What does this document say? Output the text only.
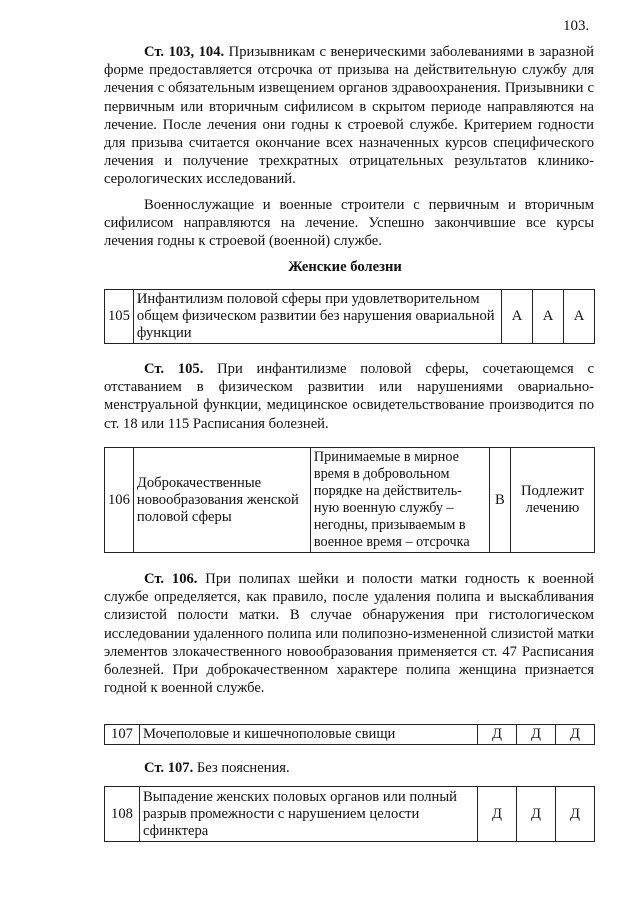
103.

Ст. 103, 104. Призывникам с венерическими заболеваниями в заразной форме предоставляется отсрочка от призыва на действительную службу для лечения с обязательным извещением органов здравоохранения. Призывники с первичным или вторичным сифилисом в скрытом периоде направляются на лечение. После лечения они годны к строевой службе. Критерием годности для призыва считается окончание всех назначенных курсов специфического лечения и получение трехкратных отрицательных результатов клинико- серологических исследований.

Военнослужащие и военные строители с первичным и вторичным сифилисом направляются на лечение. Успешно закончившие все курсы лечения годны к строевой (военной) службе.

Женские болезни
105	Инфантилизм половой сферы при удовлетворительном общем физическом развитии без нарушения овариальной функции	А	А	А

Ст. 105. При инфантилизме половой сферы, сочетающемся с отставанием в физическом развитии или нарушениями овариально-менструальной функции, медицинское освидетельствование производится по ст. 18 или 115 Расписания болезней.

106	Доброкачественные новообразования женской половой сферы	Принимаемые в мирное время в добровольном порядке на действитель-ную военную службу – негодны, призываемым в военное время – отсрочка	В	Подлежит лечению

Ст. 106. При полипах шейки и полости матки годность к военной службе определяется, как правило, после удаления полипа и выскабливания слизистой полости матки. В случае обнаружения при гистологическом исследовании удаленного полипа или полипозно-измененной слизистой матки элементов злокачественного новообразования применяется ст. 47 Расписания болезней. При доброкачественном характере полипа женщина признается годной к военной службе.

107	Мочеполовые и кишечнополовые свищи	Д	Д	Д

Ст. 107. Без пояснения.

108	Выпадение женских половых органов или полный разрыв промежности с нарушением целости сфинктера	Д	Д	Д
